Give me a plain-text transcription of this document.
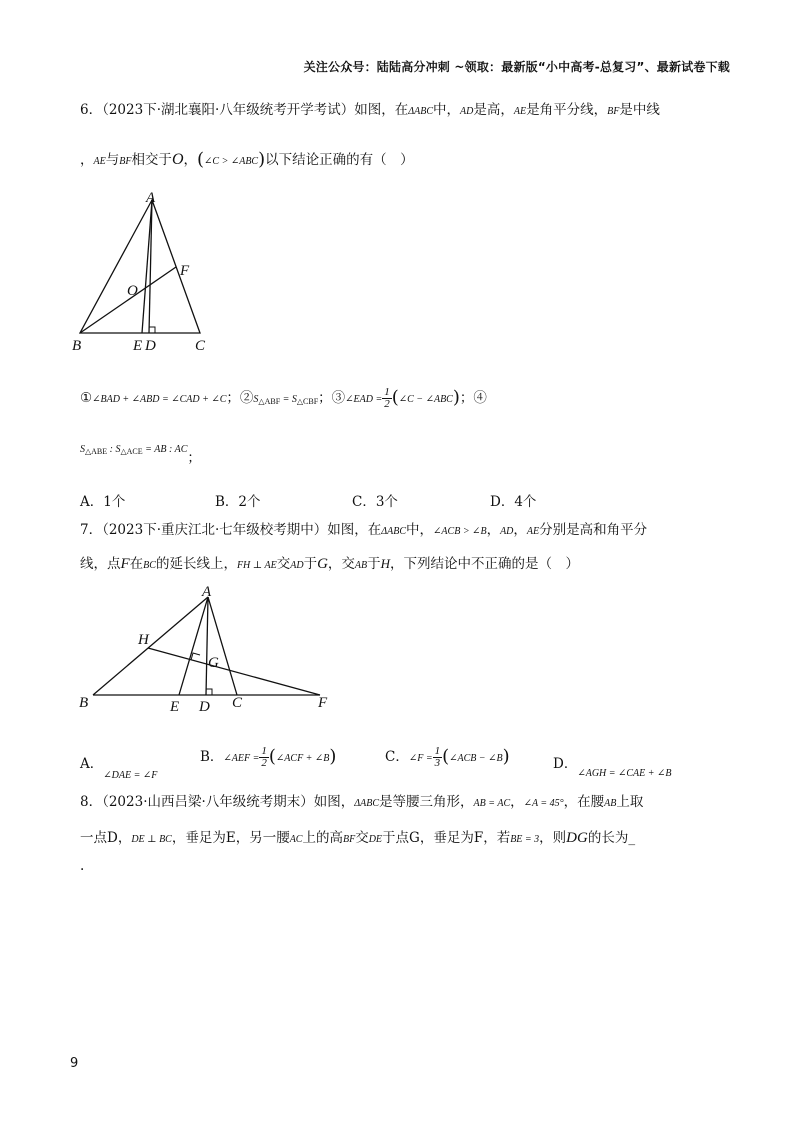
关注公众号：陆陆高分冲刺 ~领取：最新版“小中高考-总复习”、最新试卷下载
6．（2023下·湖北襄阳·八年级统考开学考试）如图，在ΔABC中，AD是高，AE是角平分线，BF是中线
，AE与BF相交于O，(∠C > ∠ABC)以下结论正确的有（　）
A
F
O
B	E D	C
①∠BAD + ∠ABD = ∠CAD + ∠C；$②S_{\triangle ABF} = S_{\triangle CBF}$；③∠EAD = $\frac{1}{2}$ (∠C − ∠ABC)；④
$S_{\triangle ABE}$ : $S_{\triangle ACE}$ = AB : AC；
A．1个	B．2个	C．3个	D．4个
7．（2023下·重庆江北·七年级校考期中）如图，在ΔABC中，∠ACB > ∠B，AD，AE分别是高和角平分
线，点F在BC的延长线上，FH ⊥ AE交AD于G，交AB于H，下列结论中不正确的是（　）
A
H
G
B	E D C	F
A．$_{\angle DAE = \angle F}$
B．∠AEF = $\frac{1}{2}$ (∠ACF + ∠B)	C．∠F = $\frac{1}{3}$ (∠ACB − ∠B)	D．$_{\angle AGH = \angle CAE + \angle B}$
8．（2023·山西吕梁·八年级统考期末）如图，ΔABC是等腰三角形，AB = AC，∠A = 45°，在腰AB上取
一点D，DE ⊥ BC，垂足为E，另一腰AC上的高BF交DE于点G，垂足为F，若BE = 3，则DG的长为_
.
9
